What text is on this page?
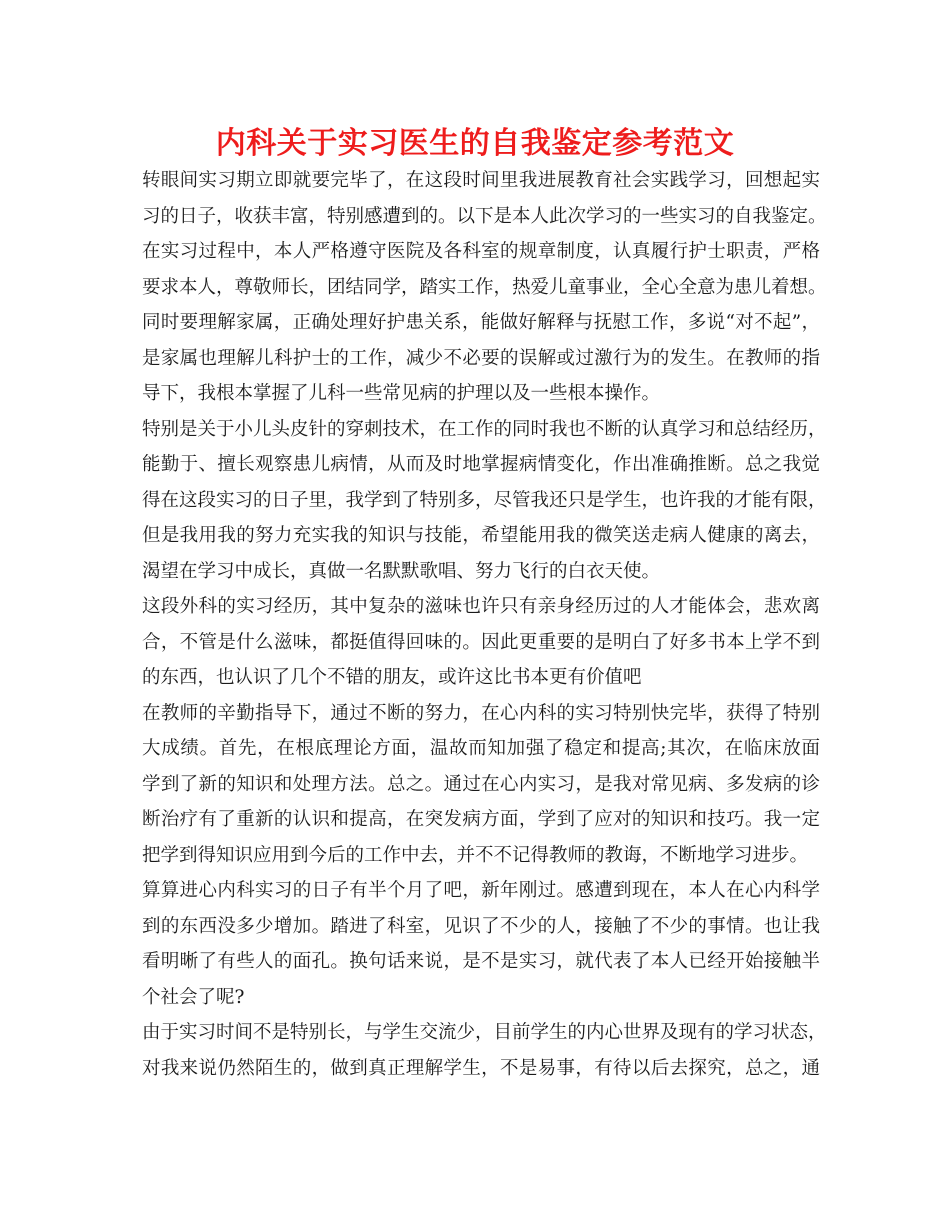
内科关于实习医生的自我鉴定参考范文
转眼间实习期立即就要完毕了，在这段时间里我进展教育社会实践学习，回想起实
习的日子，收获丰富，特别感遭到的。以下是本人此次学习的一些实习的自我鉴定。
在实习过程中，本人严格遵守医院及各科室的规章制度，认真履行护士职责，严格
要求本人，尊敬师长，团结同学，踏实工作，热爱儿童事业，全心全意为患儿着想。
同时要理解家属，正确处理好护患关系，能做好解释与抚慰工作，多说“对不起”，
是家属也理解儿科护士的工作，减少不必要的误解或过激行为的发生。在教师的指
导下，我根本掌握了儿科一些常见病的护理以及一些根本操作。
特别是关于小儿头皮针的穿刺技术，在工作的同时我也不断的认真学习和总结经历，
能勤于、擅长观察患儿病情，从而及时地掌握病情变化，作出准确推断。总之我觉
得在这段实习的日子里，我学到了特别多，尽管我还只是学生，也许我的才能有限，
但是我用我的努力充实我的知识与技能，希望能用我的微笑送走病人健康的离去，
渴望在学习中成长，真做一名默默歌唱、努力飞行的白衣天使。
这段外科的实习经历，其中复杂的滋味也许只有亲身经历过的人才能体会，悲欢离
合，不管是什么滋味，都挺值得回味的。因此更重要的是明白了好多书本上学不到
的东西，也认识了几个不错的朋友，或许这比书本更有价值吧
在教师的辛勤指导下，通过不断的努力，在心内科的实习特别快完毕，获得了特别
大成绩。首先，在根底理论方面，温故而知加强了稳定和提高;其次，在临床放面
学到了新的知识和处理方法。总之。通过在心内实习，是我对常见病、多发病的诊
断治疗有了重新的认识和提高，在突发病方面，学到了应对的知识和技巧。我一定
把学到得知识应用到今后的工作中去，并不不记得教师的教诲，不断地学习进步。
算算进心内科实习的日子有半个月了吧，新年刚过。感遭到现在，本人在心内科学
到的东西没多少增加。踏进了科室，见识了不少的人，接触了不少的事情。也让我
看明晰了有些人的面孔。换句话来说，是不是实习，就代表了本人已经开始接触半
个社会了呢?
由于实习时间不是特别长，与学生交流少，目前学生的内心世界及现有的学习状态，
对我来说仍然陌生的，做到真正理解学生，不是易事，有待以后去探究，总之，通
